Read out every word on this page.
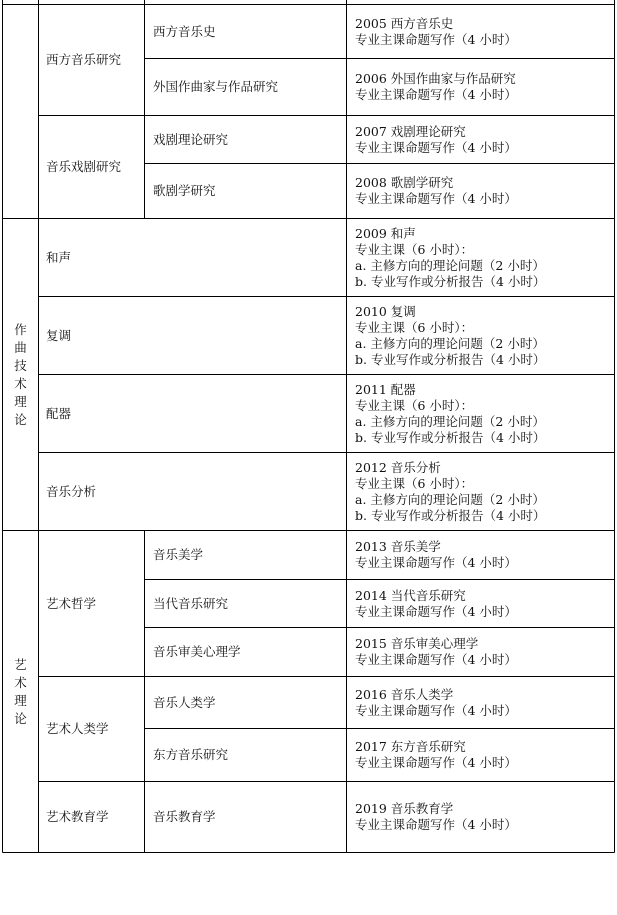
作曲技术理论
艺术理论
西方音乐研究
音乐戏剧研究
艺术哲学
艺术人类学
艺术教育学
西方音乐史
外国作曲家与作品研究
戏剧理论研究
歌剧学研究
和声
复调
配器
音乐分析
音乐美学
当代音乐研究
音乐审美心理学
音乐人类学
东方音乐研究
音乐教育学
2005 西方音乐史
专业主课命题写作（4 小时）
2006 外国作曲家与作品研究
专业主课命题写作（4 小时）
2007 戏剧理论研究
专业主课命题写作（4 小时）
2008 歌剧学研究
专业主课命题写作（4 小时）
2009 和声
专业主课（6 小时）：
a. 主修方向的理论问题（2 小时）
b. 专业写作或分析报告（4 小时）
2010 复调
专业主课（6 小时）：
a. 主修方向的理论问题（2 小时）
b. 专业写作或分析报告（4 小时）
2011 配器
专业主课（6 小时）：
a. 主修方向的理论问题（2 小时）
b. 专业写作或分析报告（4 小时）
2012 音乐分析
专业主课（6 小时）：
a. 主修方向的理论问题（2 小时）
b. 专业写作或分析报告（4 小时）
2013 音乐美学
专业主课命题写作（4 小时）
2014 当代音乐研究
专业主课命题写作（4 小时）
2015 音乐审美心理学
专业主课命题写作（4 小时）
2016 音乐人类学
专业主课命题写作（4 小时）
2017 东方音乐研究
专业主课命题写作（4 小时）
2019 音乐教育学
专业主课命题写作（4 小时）
